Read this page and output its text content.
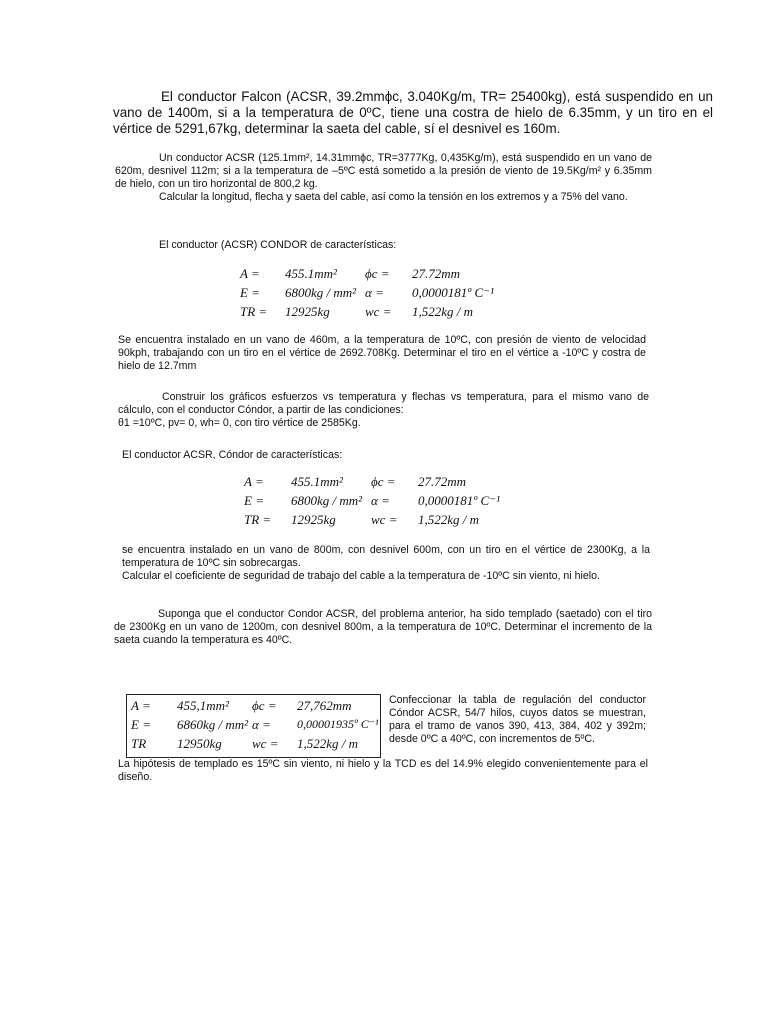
El conductor Falcon (ACSR, 39.2mmϕc, 3.040Kg/m, TR= 25400kg), está suspendido en un vano de 1400m, si a la temperatura de 0ºC, tiene una costra de hielo de 6.35mm, y un tiro en el vértice de 5291,67kg, determinar la saeta del cable, sí el desnivel es 160m.

Un conductor ACSR (125.1mm², 14.31mmϕc, TR=3777Kg, 0,435Kg/m), está suspendido en un vano de 620m, desnivel 112m; si a la temperatura de –5ºC está sometido a la presión de viento de 19.5Kg/m² y 6.35mm de hielo, con un tiro horizontal de 800,2 kg.

Calcular la longitud, flecha y saeta del cable, así como la tensión en los extremos y a 75% del vano.

El conductor (ACSR) CONDOR de características:
A =	455.1mm²	ϕc =	27.72mm
E =	6800kg / mm²	α =	0,0000181º C⁻¹
TR =	12925kg	wc =	1,522kg / m

Se encuentra instalado en un vano de 460m, a la temperatura de 10ºC, con presión de viento de velocidad 90kph, trabajando con un tiro en el vértice de 2692.708Kg. Determinar el tiro en el vértice a -10ºC y costra de hielo de 12.7mm

Construir los gráficos esfuerzos vs temperatura y flechas vs temperatura, para el mismo vano de cálculo, con el conductor Cóndor, a partir de las condiciones:

θ1 =10ºC, pv= 0, wh= 0, con tiro vértice de 2585Kg.

El conductor ACSR, Cóndor de características:
A =	455.1mm²	ϕc =	27.72mm
E =	6800kg / mm²	α =	0,0000181º C⁻¹
TR =	12925kg	wc =	1,522kg / m

se encuentra instalado en un vano de 800m, con desnivel 600m, con un tiro en el vértice de 2300Kg, a la temperatura de 10ºC sin sobrecargas.

Calcular el coeficiente de seguridad de trabajo del cable a la temperatura de -10ºC sin viento, ni hielo.

Suponga que el conductor Condor ACSR, del problema anterior, ha sido templado (saetado) con el tiro de 2300Kg en un vano de 1200m, con desnivel 800m, a la temperatura de 10ºC. Determinar el incremento de la saeta cuando la temperatura es 40ºC.

A =	455,1mm²	ϕc =	27,762mm
E =	6860kg / mm²	α =	0,00001935º C⁻¹
TR	12950kg	wc =	1,522kg / m

Confeccionar la tabla de regulación del conductor Cóndor ACSR, 54/7 hilos, cuyos datos se muestran, para el tramo de vanos 390, 413, 384, 402 y 392m; desde 0ºC a 40ºC, con incrementos de 5ºC.

La hipótesis de templado es 15ºC sin viento, ni hielo y la TCD es del 14.9% elegido convenientemente para el diseño.
